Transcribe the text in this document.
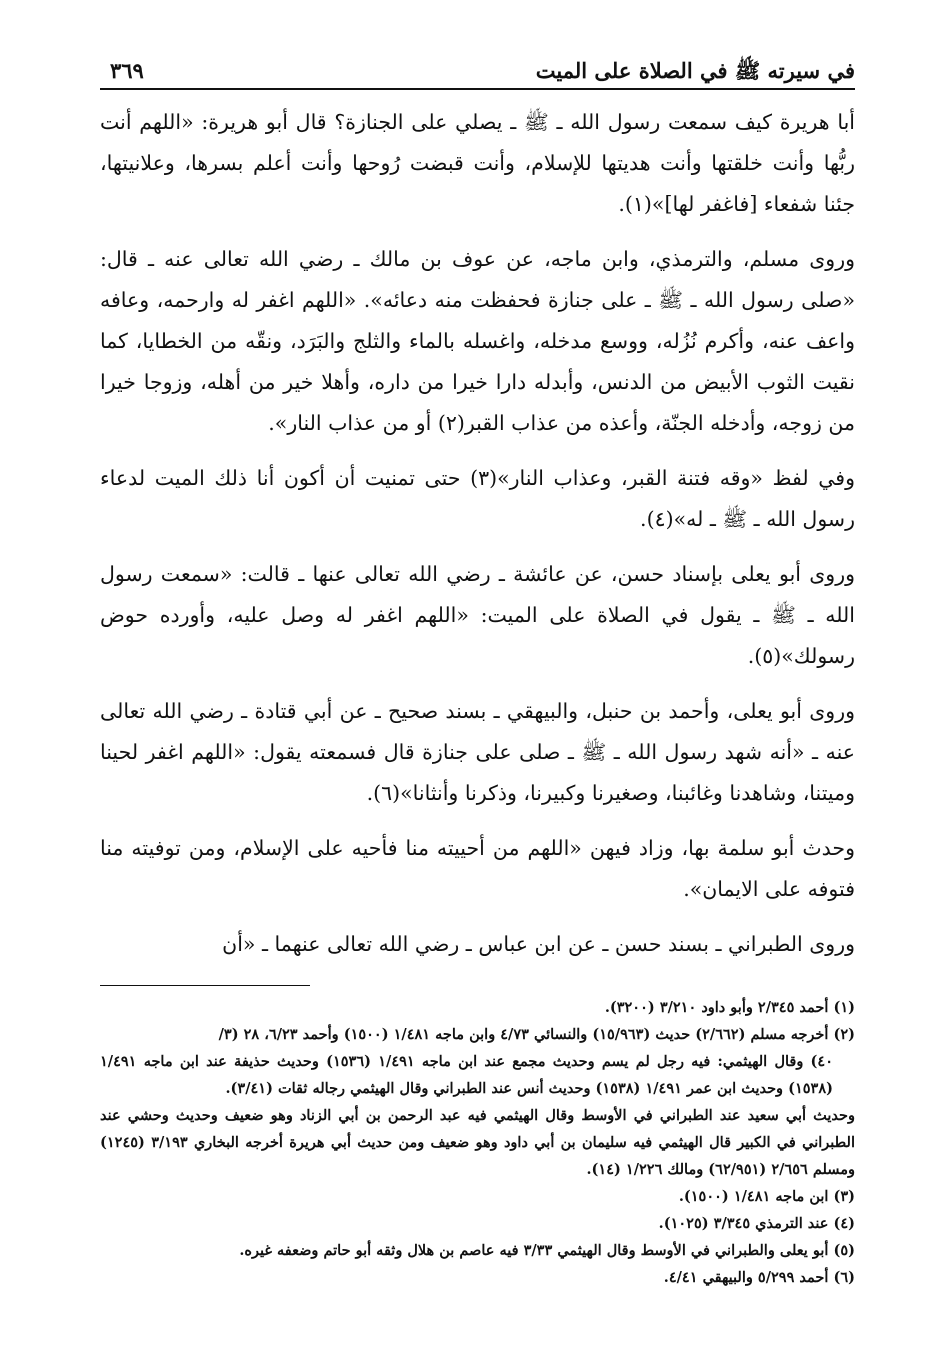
في سيرته ﷺ في الصلاة على الميت
٣٦٩

أبا هريرة كيف سمعت رسول الله ـ ﷺ ـ يصلي على الجنازة؟ قال أبو هريرة: «اللهم أنت ربُّها وأنت خلقتها وأنت هديتها للإسلام، وأنت قبضت رُوحها وأنت أعلم بسرها، وعلانيتها، جئنا شفعاء [فاغفر لها]»(١).

وروى مسلم، والترمذي، وابن ماجه، عن عوف بن مالك ـ رضي الله تعالى عنه ـ قال: «صلى رسول الله ـ ﷺ ـ على جنازة فحفظت منه دعائه». «اللهم اغفر له وارحمه، وعافه واعف عنه، وأكرم نُزُله، ووسع مدخله، واغسله بالماء والثلج والبَرَد، ونقّه من الخطايا، كما نقيت الثوب الأبيض من الدنس، وأبدله دارا خيرا من داره، وأهلا خير من أهله، وزوجا خيرا من زوجه، وأدخله الجنّة، وأعذه من عذاب القبر(٢) أو من عذاب النار».

وفي لفظ «وقه فتنة القبر، وعذاب النار»(٣) حتى تمنيت أن أكون أنا ذلك الميت لدعاء رسول الله ـ ﷺ ـ له»(٤).

وروى أبو يعلى بإسناد حسن، عن عائشة ـ رضي الله تعالى عنها ـ قالت: «سمعت رسول الله ـ ﷺ ـ يقول في الصلاة على الميت: «اللهم اغفر له وصل عليه، وأورده حوض رسولك»(٥).

وروى أبو يعلى، وأحمد بن حنبل، والبيهقي ـ بسند صحيح ـ عن أبي قتادة ـ رضي الله تعالى عنه ـ «أنه شهد رسول الله ـ ﷺ ـ صلى على جنازة قال فسمعته يقول: «اللهم اغفر لحينا وميتنا، وشاهدنا وغائبنا، وصغيرنا وكبيرنا، وذكرنا وأنثانا»(٦).

وحدث أبو سلمة بها، وزاد فيهن «اللهم من أحييته منا فأحيه على الإسلام، ومن توفيته منا فتوفه على الايمان».

وروى الطبراني ـ بسند حسن ـ عن ابن عباس ـ رضي الله تعالى عنهما ـ «أن

(١) أحمد ٢/٣٤٥ وأبو داود ٣/٢١٠ (٣٢٠٠).

(٢) أخرجه مسلم (٢/٦٦٢) حديث (١٥/٩٦٣) والنسائي ٤/٧٣ وابن ماجه ١/٤٨١ (١٥٠٠) وأحمد ٦/٢٣، ٢٨ (٣/

٤٠) وقال الهيثمي: فيه رجل لم يسم وحديث مجمع عند ابن ماجه ١/٤٩١ (١٥٣٦) وحديث حذيفة عند ابن ماجه ١/٤٩١ (١٥٣٨) وحديث ابن عمر ١/٤٩١ (١٥٣٨) وحديث أنس عند الطبراني وقال الهيثمي رجاله ثقات (٣/٤١).

وحديث أبي سعيد عند الطبراني في الأوسط وقال الهيثمي فيه عبد الرحمن بن أبي الزناد وهو ضعيف وحديث وحشي عند الطبراني في الكبير قال الهيثمي فيه سليمان بن أبي داود وهو ضعيف ومن حديث أبي هريرة أخرجه البخاري ٣/١٩٣ (١٢٤٥) ومسلم ٢/٦٥٦ (٦٢/٩٥١) ومالك ١/٢٢٦ (١٤).

(٣) ابن ماجه ١/٤٨١ (١٥٠٠).

(٤) عند الترمذي ٣/٣٤٥ (١٠٢٥).

(٥) أبو يعلى والطبراني في الأوسط وقال الهيثمي ٣/٣٣ فيه عاصم بن هلال وثقه أبو حاتم وضعفه غيره.

(٦) أحمد ٥/٢٩٩ والبيهقي ٤/٤١.
